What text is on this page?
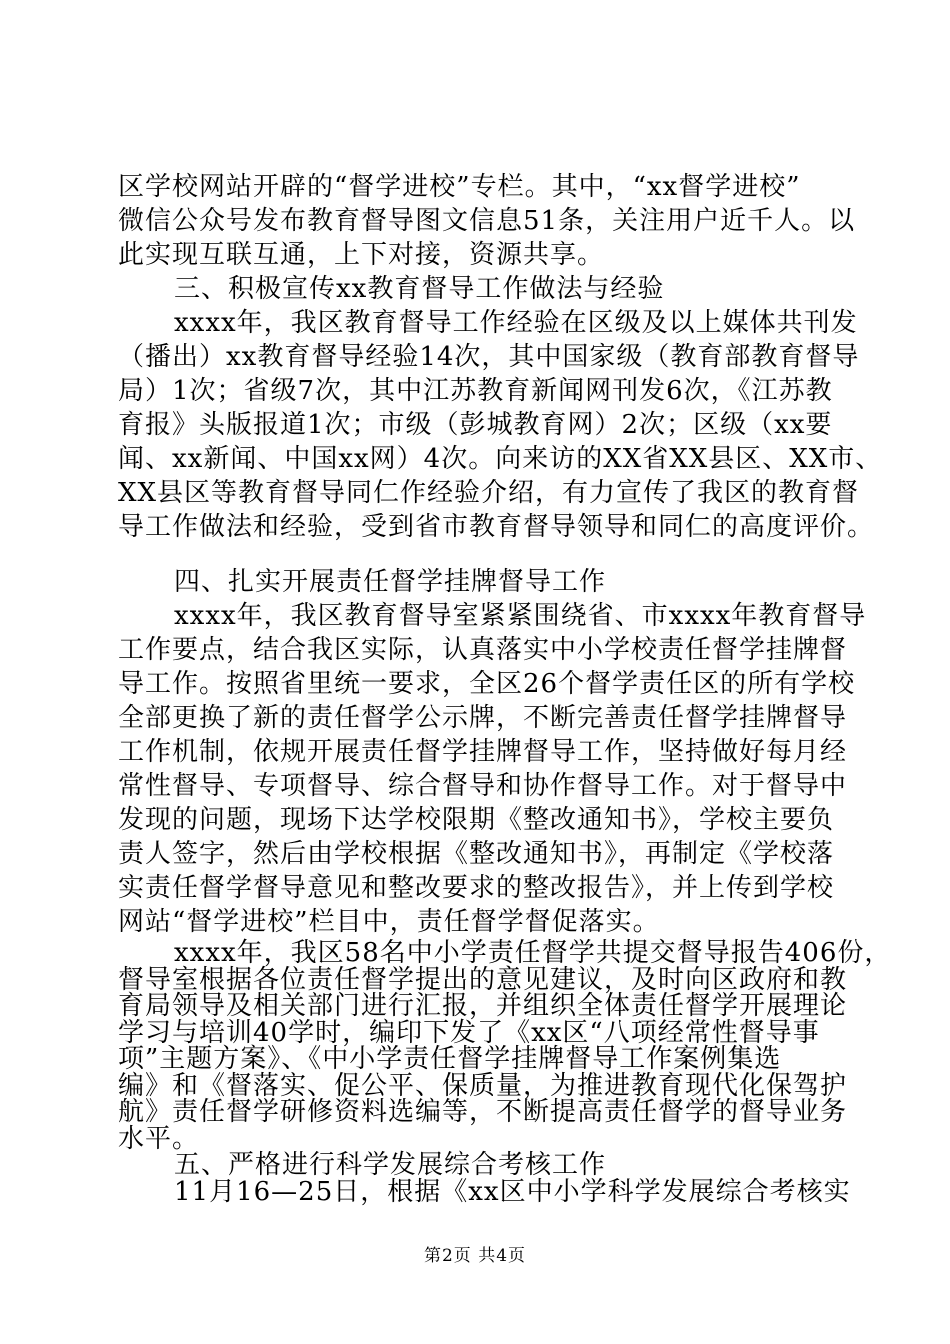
区学校网站开辟的“督学进校”专栏。其中，“xx督学进校”
微信公众号发布教育督导图文信息51条，关注用户近千人。以
此实现互联互通，上下对接，资源共享。
三、积极宣传xx教育督导工作做法与经验
xxxx年，我区教育督导工作经验在区级及以上媒体共刊发
（播出）xx教育督导经验14次，其中国家级（教育部教育督导
局）1次；省级7次，其中江苏教育新闻网刊发6次，《江苏教
育报》头版报道1次；市级（彭城教育网）2次；区级（xx要
闻、xx新闻、中国xx网）4次。向来访的XX省XX县区、XX市、
XX县区等教育督导同仁作经验介绍，有力宣传了我区的教育督
导工作做法和经验，受到省市教育督导领导和同仁的高度评价。
四、扎实开展责任督学挂牌督导工作
xxxx年，我区教育督导室紧紧围绕省、市xxxx年教育督导
工作要点，结合我区实际，认真落实中小学校责任督学挂牌督
导工作。按照省里统一要求，全区26个督学责任区的所有学校
全部更换了新的责任督学公示牌，不断完善责任督学挂牌督导
工作机制，依规开展责任督学挂牌督导工作，坚持做好每月经
常性督导、专项督导、综合督导和协作督导工作。对于督导中
发现的问题，现场下达学校限期《整改通知书》，学校主要负
责人签字，然后由学校根据《整改通知书》，再制定《学校落
实责任督学督导意见和整改要求的整改报告》，并上传到学校
网站“督学进校”栏目中，责任督学督促落实。
xxxx年，我区58名中小学责任督学共提交督导报告406份，
督导室根据各位责任督学提出的意见建议，及时向区政府和教
育局领导及相关部门进行汇报，并组织全体责任督学开展理论
学习与培训40学时，编印下发了《xx区“八项经常性督导事
项”主题方案》、《中小学责任督学挂牌督导工作案例集选
编》和《督落实、促公平、保质量，为推进教育现代化保驾护
航》责任督学研修资料选编等，不断提高责任督学的督导业务
水平。
五、严格进行科学发展综合考核工作
第2页 共4页
11月16—25日，根据《xx区中小学科学发展综合考核实
